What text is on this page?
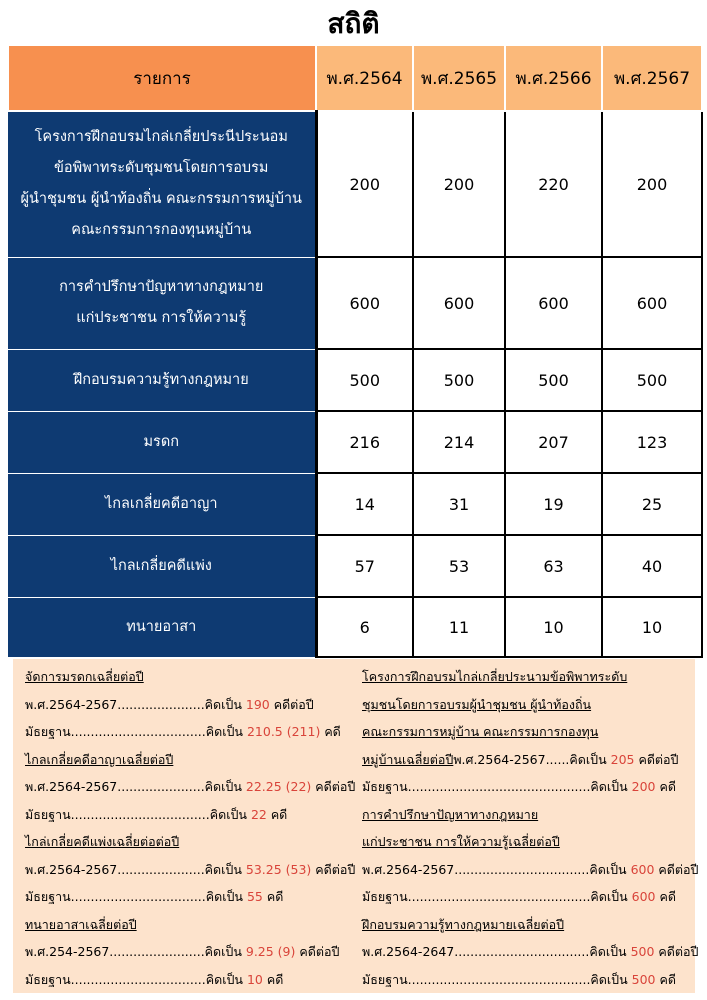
สถิติ
รายการ	พ.ศ.2564	พ.ศ.2565	พ.ศ.2566	พ.ศ.2567

โครงการฝึกอบรมไกล่เกลี่ยประนีประนอม
ข้อพิพาทระดับชุมชนโดยการอบรม
ผู้นำชุมชน ผู้นำท้องถิ่น คณะกรรมการหมู่บ้าน
คณะกรรมการกองทุนหมู่บ้าน	200	200	220	200

การคำปรึกษาปัญหาทางกฎหมาย
แก่ประชาชน การให้ความรู้	600	600	600	600

ฝึกอบรมความรู้ทางกฎหมาย	500	500	500	500

มรดก	216	214	207	123

ไกลเกลี่ยคดีอาญา	14	31	19	25

ไกลเกลี่ยคดีแพ่ง	57	53	63	40

ทนายอาสา	6	11	10	10
จัดการมรดกเฉลี่ยต่อปี
พ.ศ.2564-2567......................คิดเป็น 190 คดีต่อปี
มัธยฐาน..................................คิดเป็น 210.5 (211) คดี
ไกลเกลี่ยคดีอาญาเฉลี่ยต่อปี
พ.ศ.2564-2567......................คิดเป็น 22.25 (22) คดีต่อปี
มัธยฐาน...................................คิดเป็น 22 คดี
ไกล่เกลี่ยคดีแพ่งเฉลี่ยต่อต่อปี
พ.ศ.2564-2567......................คิดเป็น 53.25 (53) คดีต่อปี
มัธยฐาน..................................คิดเป็น 55 คดี
ทนายอาสาเฉลี่ยต่อปี
พ.ศ.254-2567........................คิดเป็น 9.25 (9) คดีต่อปี
มัธยฐาน..................................คิดเป็น 10 คดี
โครงการฝึกอบรมไกล่เกลี่ยประนามข้อพิพาทระดับ
ชุมชนโดยการอบรมผู้นำชุมชน ผู้นำท้องถิ่น
คณะกรรมการหมู่บ้าน คณะกรรมการกองทุน
หมู่บ้านเฉลี่ยต่อปีพ.ศ.2564-2567......คิดเป็น 205 คดีต่อปี
มัธยฐาน..............................................คิดเป็น 200 คดี
การคำปรึกษาปัญหาทางกฎหมาย
แก่ประชาชน การให้ความรู้เฉลี่ยต่อปี
พ.ศ.2564-2567..................................คิดเป็น 600 คดีต่อปี
มัธยฐาน..............................................คิดเป็น 600 คดี
ฝึกอบรมความรู้ทางกฎหมายเฉลี่ยต่อปี
พ.ศ.2564-2647..................................คิดเป็น 500 คดีต่อปี
มัธยฐาน..............................................คิดเป็น 500 คดี
